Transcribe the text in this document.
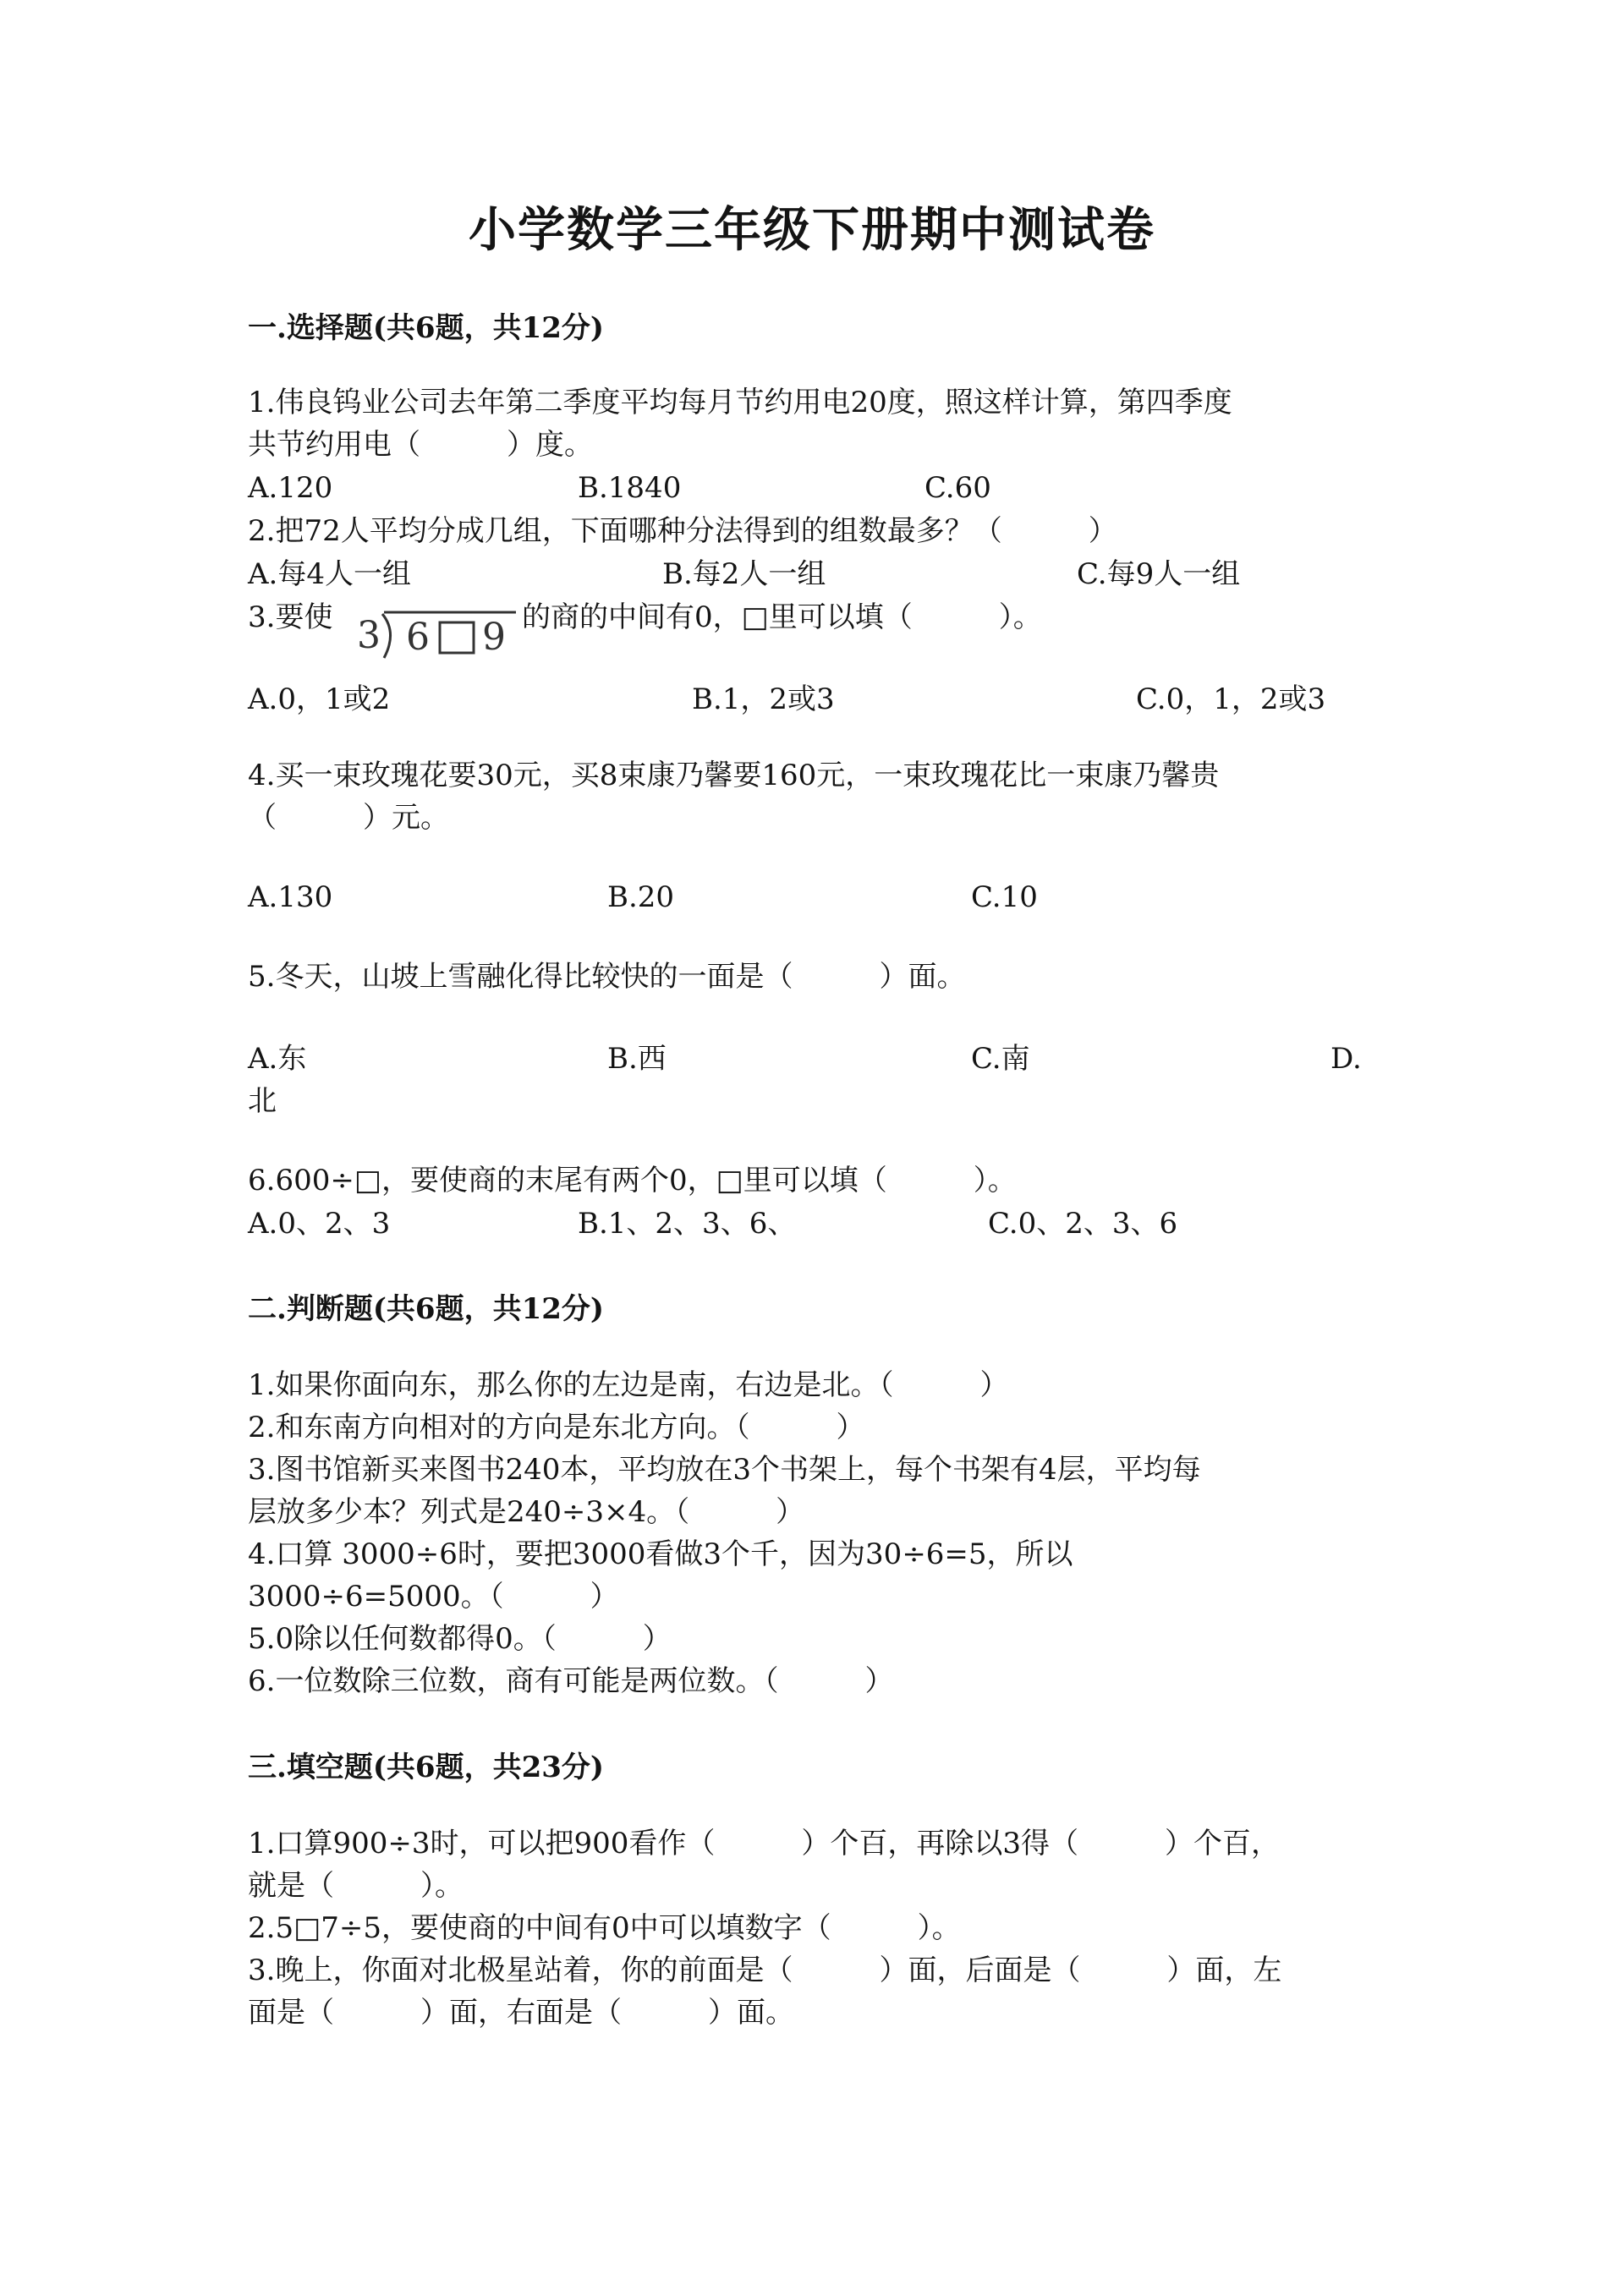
小学数学三年级下册期中测试卷
一.选择题(共6题，共12分)
1.伟良钨业公司去年第二季度平均每月节约用电20度，照这样计算，第四季度
共节约用电（　　　）度。
A.120	B.1840	C.60
2.把72人平均分成几组，下面哪种分法得到的组数最多？（　　　）
A.每4人一组	B.每2人一组	C.每9人一组
3.要使 3 6 9 的商的中间有0，□里可以填（　　　）。
A.0，1或2	B.1，2或3	C.0，1，2或3
4.买一束玫瑰花要30元，买8束康乃馨要160元，一束玫瑰花比一束康乃馨贵
（　　　）元。
A.130	B.20	C.10
5.冬天，山坡上雪融化得比较快的一面是（　　　）面。
A.东	B.西	C.南	D.
北
6.600÷□，要使商的末尾有两个0，□里可以填（　　　）。
A.0、2、3	B.1、2、3、6、	C.0、2、3、6
二.判断题(共6题，共12分)
1.如果你面向东，那么你的左边是南，右边是北。（　　　）
2.和东南方向相对的方向是东北方向。（　　　）
3.图书馆新买来图书240本，平均放在3个书架上，每个书架有4层，平均每
层放多少本？列式是240÷3×4。（　　　）
4.口算 3000÷6时，要把3000看做3个千，因为30÷6=5，所以
3000÷6=5000。（　　　）
5.0除以任何数都得0。（　　　）
6.一位数除三位数，商有可能是两位数。（　　　）
三.填空题(共6题，共23分)
1.口算900÷3时，可以把900看作（　　　）个百，再除以3得（　　　）个百，
就是（　　　）。
2.5□7÷5，要使商的中间有0中可以填数字（　　　）。
3.晚上，你面对北极星站着，你的前面是（　　　）面，后面是（　　　）面，左
面是（　　　）面，右面是（　　　）面。
